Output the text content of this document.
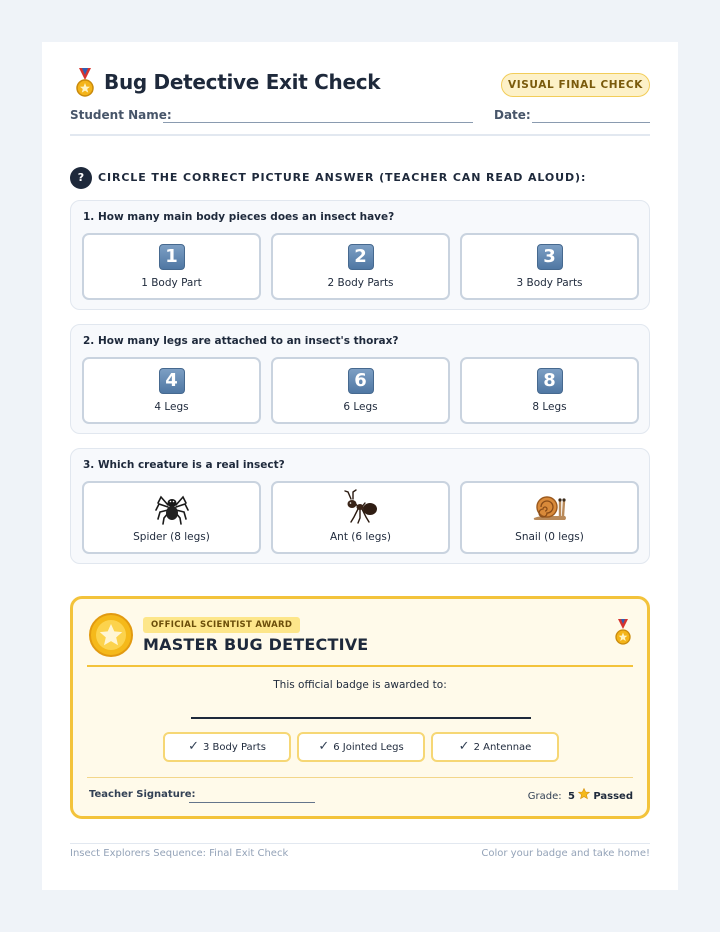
Bug Detective Exit Check	VISUAL FINAL CHECK
Student Name:	Date:
?	CIRCLE THE CORRECT PICTURE ANSWER (TEACHER CAN READ ALOUD):
1. How many main body pieces does an insect have?
1
1 Body Part
2
2 Body Parts
3
3 Body Parts
2. How many legs are attached to an insect's thorax?
4
4 Legs
6
6 Legs
8
8 Legs
3. Which creature is a real insect?
Spider (8 legs)	Ant (6 legs)	Snail (0 legs)
OFFICIAL SCIENTIST AWARD
MASTER BUG DETECTIVE
This official badge is awarded to:
✓ 3 Body Parts	✓ 6 Jointed Legs	✓ 2 Antennae
Teacher Signature:	Grade: 5 Passed
Insect Explorers Sequence: Final Exit Check	Color your badge and take home!
